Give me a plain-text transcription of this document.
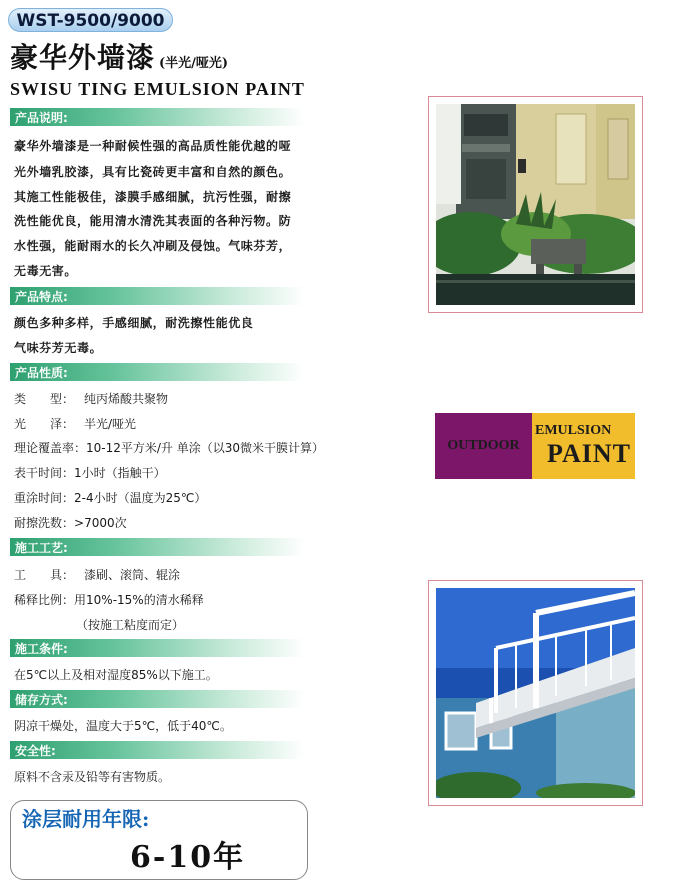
WST-9500/9000
豪华外墙漆 (半光/哑光)
SWISU TING EMULSION PAINT
产品说明:
豪华外墙漆是一种耐候性强的高品质性能优越的哑
光外墙乳胶漆，具有比瓷砖更丰富和自然的颜色。
其施工性能极佳，漆膜手感细腻，抗污性强，耐擦
洗性能优良，能用清水清洗其表面的各种污物。防
水性强，能耐雨水的长久冲刷及侵蚀。气味芬芳，
无毒无害。
产品特点:
颜色多种多样，手感细腻，耐洗擦性能优良
气味芬芳无毒。
产品性质:
类　　型： 纯丙烯酸共聚物
光　　泽： 半光/哑光
理论覆盖率： 10-12平方米/升 单涂（以30微米干膜计算）
表干时间： 1小时（指触干）
重涂时间： 2-4小时（温度为25℃）
耐擦洗数： >7000次
施工工艺:
工　　具： 漆刷、滚筒、辊涂
稀释比例： 用10%-15%的清水稀释
（按施工粘度而定）
施工条件:
在5℃以上及相对湿度85%以下施工。
储存方式:
阴凉干燥处，温度大于5℃，低于40℃。
安全性:
原料不含汞及铅等有害物质。
涂层耐用年限:
6-10年
OUTDOOR
EMULSION
PAINT
